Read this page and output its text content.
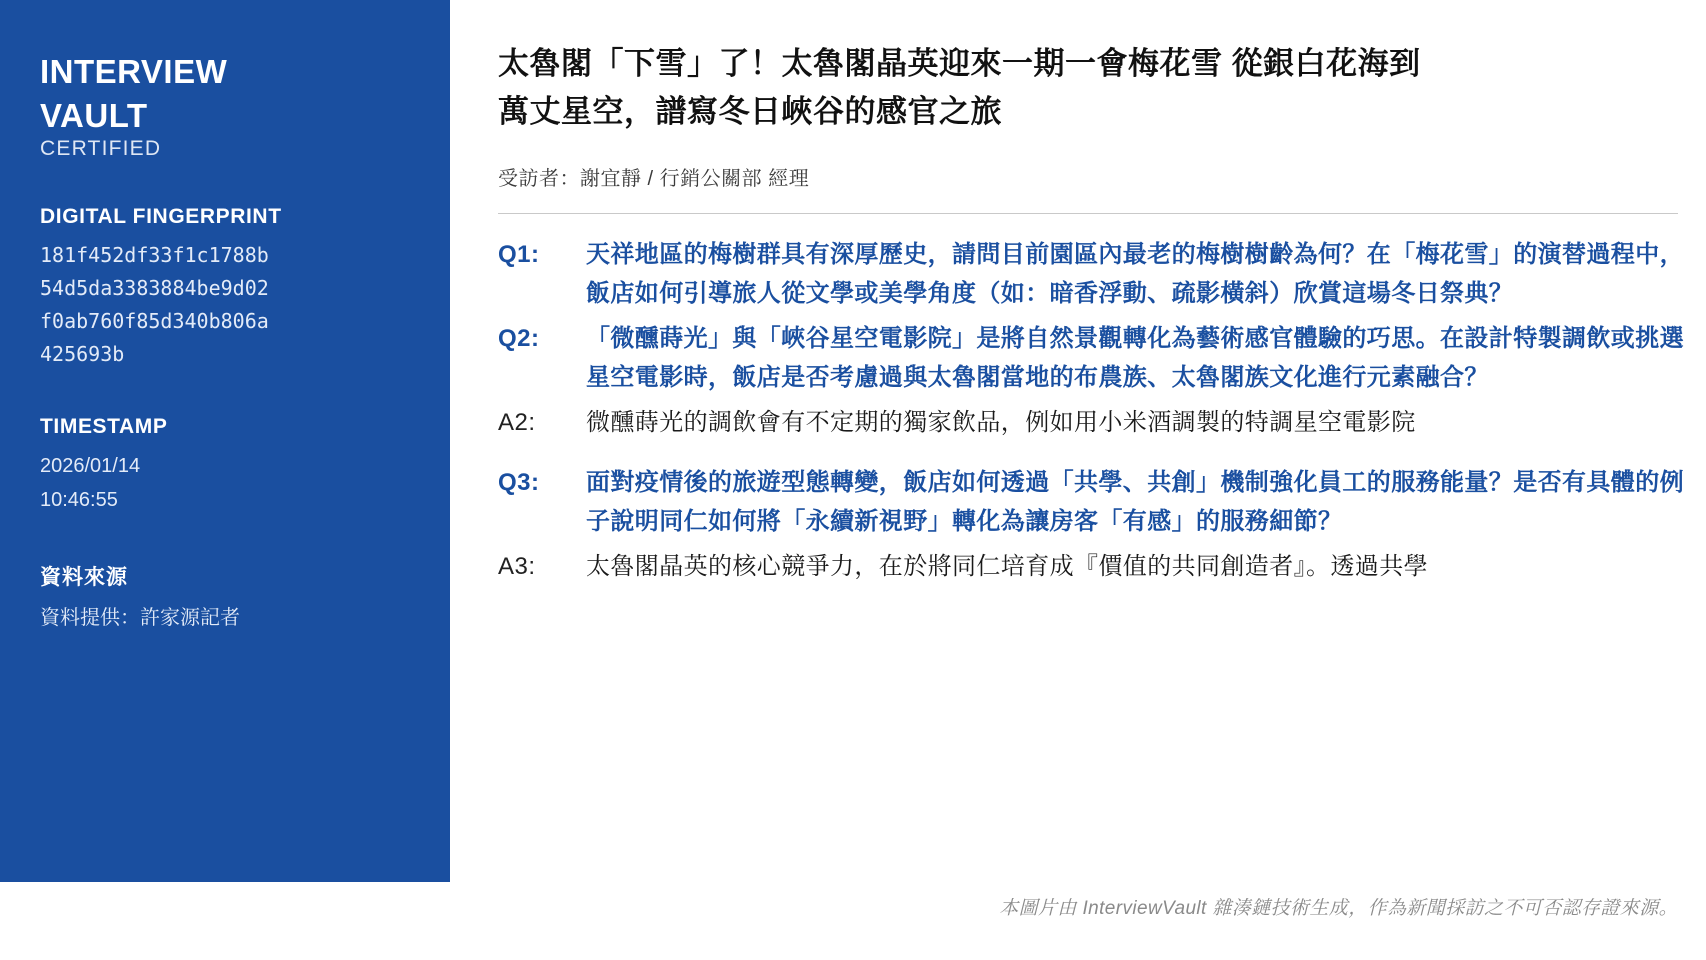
INTERVIEW
VAULT
CERTIFIED
DIGITAL FINGERPRINT
181f452df33f1c1788b54d5da3383884be9d02f0ab760f85d340b806a425693b
TIMESTAMP
2026/01/14
10:46:55
資料來源
資料提供：許家源記者
太魯閣「下雪」了！太魯閣晶英迎來一期一會梅花雪 從銀白花海到
萬丈星空，譜寫冬日峽谷的感官之旅
受訪者：謝宜靜 / 行銷公關部 經理
Q1:	天祥地區的梅樹群具有深厚歷史，請問目前園區內最老的梅樹樹齡為何？在「梅花雪」的演替過程中，飯店如何引導旅人從文學或美學角度（如：暗香浮動、疏影橫斜）欣賞這場冬日祭典？
Q2:	「微醺蒔光」與「峽谷星空電影院」是將自然景觀轉化為藝術感官體驗的巧思。在設計特製調飲或挑選星空電影時，飯店是否考慮過與太魯閣當地的布農族、太魯閣族文化進行元素融合？
A2:	微醺蒔光的調飲會有不定期的獨家飲品，例如用小米酒調製的特調星空電影院
Q3:	面對疫情後的旅遊型態轉變，飯店如何透過「共學、共創」機制強化員工的服務能量？是否有具體的例子說明同仁如何將「永續新視野」轉化為讓房客「有感」的服務細節？
A3:	太魯閣晶英的核心競爭力，在於將同仁培育成『價值的共同創造者』。透過共學
本圖片由 InterviewVault 雜湊鏈技術生成，作為新聞採訪之不可否認存證來源。
